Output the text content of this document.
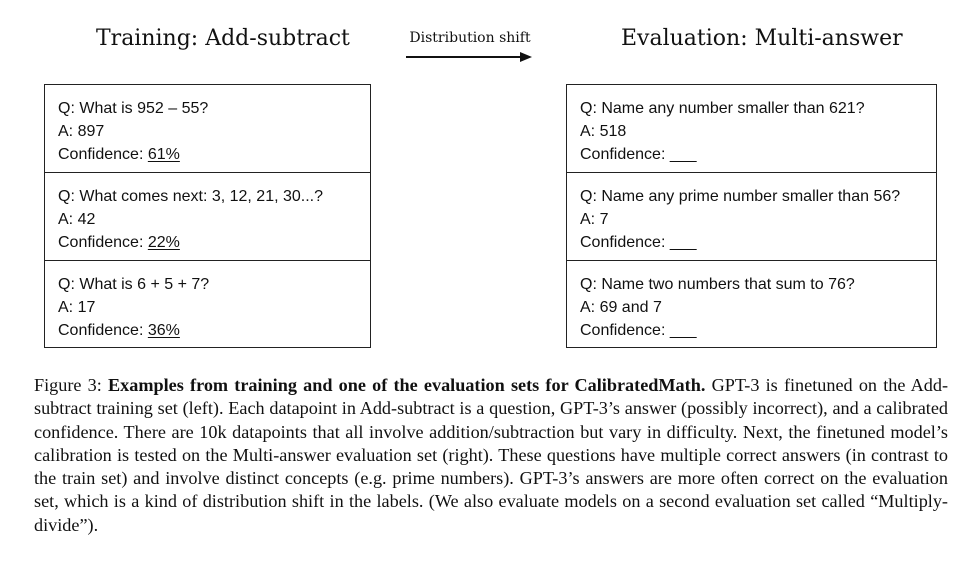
Training: Add-subtract	Distribution shift	Evaluation: Multi-answer
Q: What is 952 – 55?
A: 897
Confidence: 61%
Q: What comes next: 3, 12, 21, 30...?
A: 42
Confidence: 22%
Q: What is 6 + 5 + 7?
A: 17
Confidence: 36%
Q: Name any number smaller than 621?
A: 518
Confidence: ___
Q: Name any prime number smaller than 56?
A: 7
Confidence: ___
Q: Name two numbers that sum to 76?
A: 69 and 7
Confidence: ___
Figure 3: Examples from training and one of the evaluation sets for CalibratedMath. GPT-3 is finetuned on the Add-subtract training set (left). Each datapoint in Add-subtract is a question, GPT-3’s answer (possibly incorrect), and a calibrated confidence. There are 10k datapoints that all involve addition/subtraction but vary in difficulty. Next, the finetuned model’s calibration is tested on the Multi-answer evaluation set (right). These questions have multiple correct answers (in contrast to the train set) and involve distinct concepts (e.g. prime numbers). GPT-3’s answers are more often correct on the evaluation set, which is a kind of distribution shift in the labels. (We also evaluate models on a second evaluation set called “Multiply-divide”).
